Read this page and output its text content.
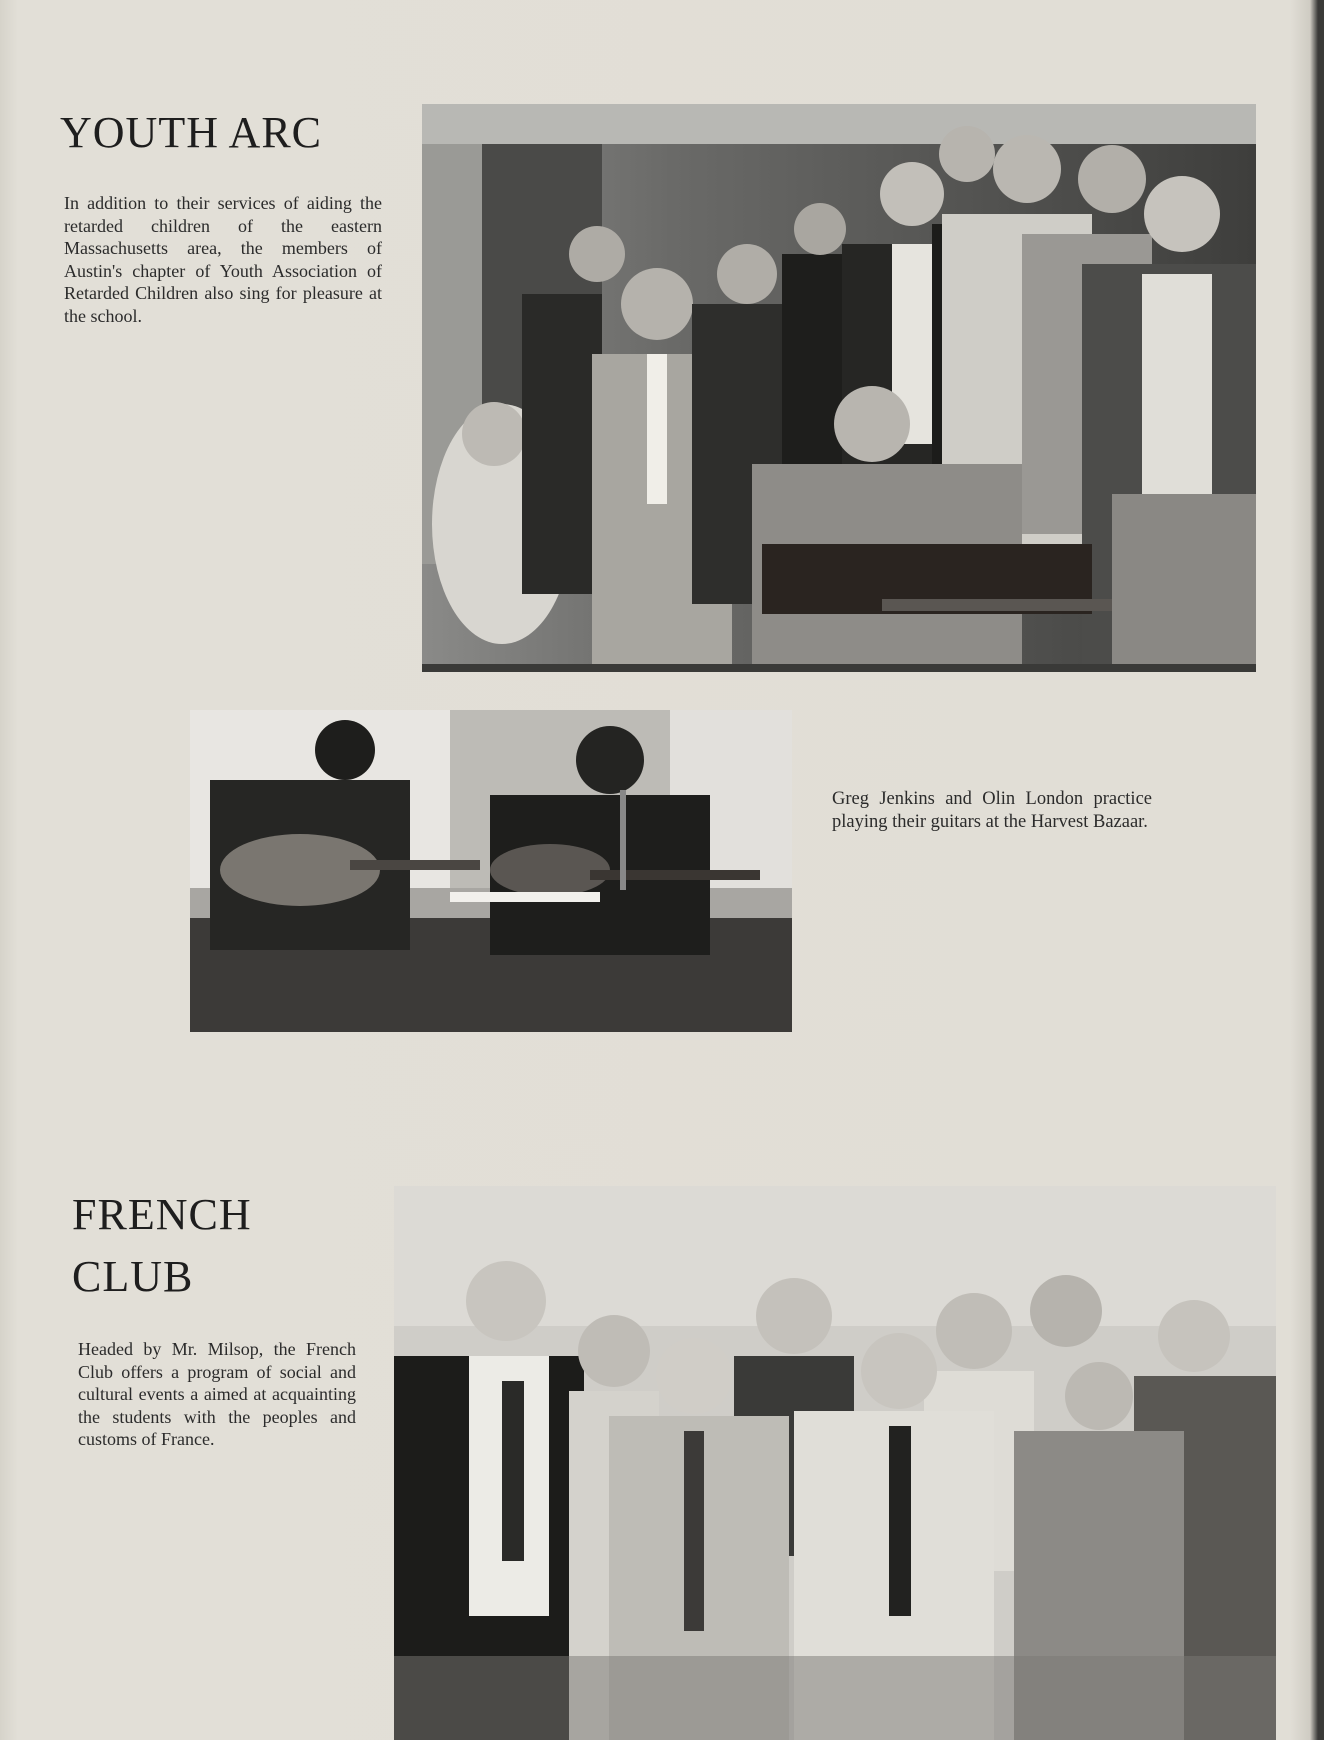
YOUTH ARC

In addition to their services of aiding the retarded children of the eastern Massachusetts area, the members of Austin's chapter of Youth Association of Retarded Children also sing for pleasure at the school.

Greg Jenkins and Olin London practice playing their guitars at the Harvest Bazaar.

FRENCH
CLUB

Headed by Mr. Milsop, the French Club offers a program of social and cultural events a aimed at acquainting the students with the peoples and customs of France.
